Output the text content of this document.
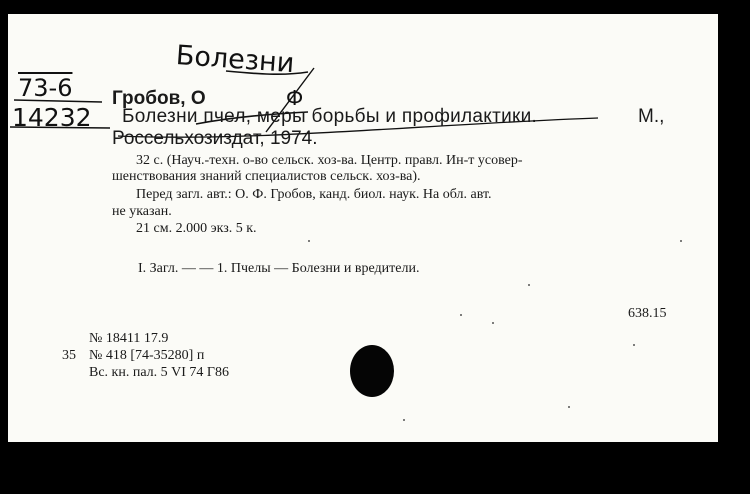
Болезни
73-6
14232
Ф
Гробов, О
Болезни пчел, меры борьбы и профилактики.	М.,
Россельхозиздат, 1974.
32 с. (Науч.-техн. о-во сельск. хоз-ва. Центр. правл. Ин-т усовер-
шенствования знаний специалистов сельск. хоз-ва).
Перед загл. авт.: О. Ф. Гробов, канд. биол. наук. На обл. авт.
не указан.
21 см. 2.000 экз. 5 к.
I. Загл. — — 1. Пчелы — Болезни и вредители.
638.15
№ 18411 17.9
35 № 418 [74-35280] п
Вс. кн. пал. 5 VI 74 Г86
